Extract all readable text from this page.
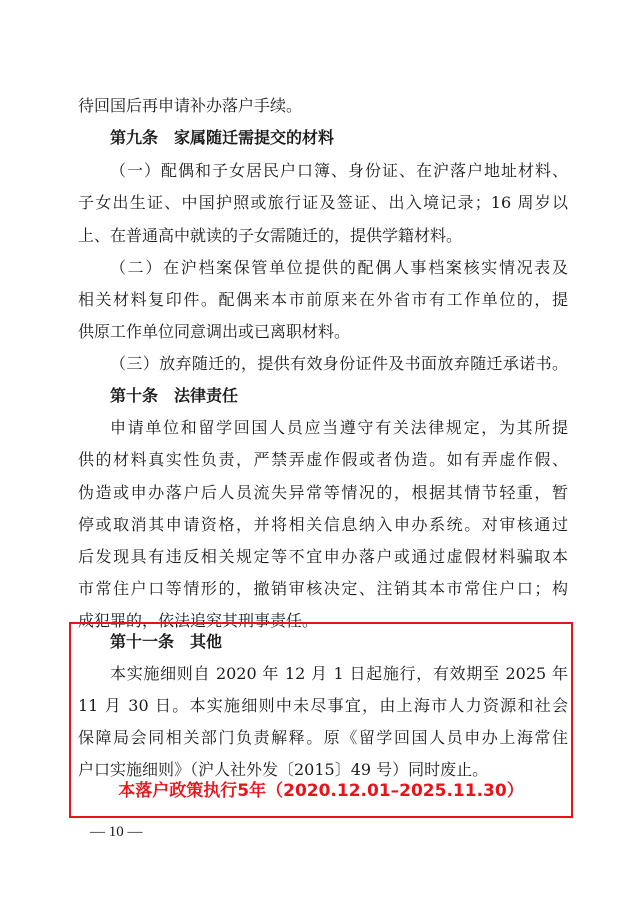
待回国后再申请补办落户手续。
第九条　家属随迁需提交的材料
（一）配偶和子女居民户口簿、身份证、在沪落户地址材料、
子女出生证、中国护照或旅行证及签证、出入境记录；16 周岁以
上、在普通高中就读的子女需随迁的，提供学籍材料。
（二）在沪档案保管单位提供的配偶人事档案核实情况表及
相关材料复印件。配偶来本市前原来在外省市有工作单位的，提
供原工作单位同意调出或已离职材料。
（三）放弃随迁的，提供有效身份证件及书面放弃随迁承诺书。
第十条　法律责任
申请单位和留学回国人员应当遵守有关法律规定，为其所提
供的材料真实性负责，严禁弄虚作假或者伪造。如有弄虚作假、
伪造或申办落户后人员流失异常等情况的，根据其情节轻重，暂
停或取消其申请资格，并将相关信息纳入申办系统。对审核通过
后发现具有违反相关规定等不宜申办落户或通过虚假材料骗取本
市常住户口等情形的，撤销审核决定、注销其本市常住户口；构
成犯罪的，依法追究其刑事责任。
第十一条　其他
本实施细则自 2020 年 12 月 1 日起施行，有效期至 2025 年
11 月 30 日。本实施细则中未尽事宜，由上海市人力资源和社会
保障局会同相关部门负责解释。原《留学回国人员申办上海常住
户口实施细则》（沪人社外发〔2015〕49 号）同时废止。
本落户政策执行5年（2020.12.01–2025.11.30）
— 10 —
